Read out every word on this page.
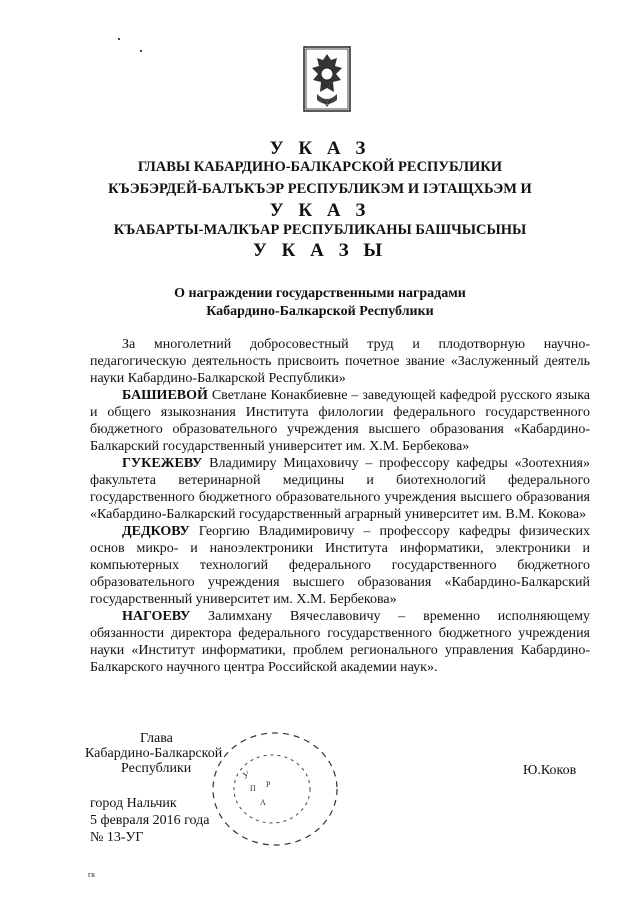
У К А З
ГЛАВЫ КАБАРДИНО-БАЛКАРСКОЙ РЕСПУБЛИКИ
КЪЭБЭРДЕЙ-БАЛЪКЪЭР РЕСПУБЛИКЭМ И ІЭТАЩХЬЭМ И
У К А З
КЪАБАРТЫ-МАЛКЪАР РЕСПУБЛИКАНЫ БАШЧЫСЫНЫ
У К А З Ы
О награждении государственными наградами
Кабардино-Балкарской Республики

За многолетний добросовестный труд и плодотворную научно-педагогическую деятельность присвоить почетное звание «Заслуженный деятель науки Кабардино-Балкарской Республики»

БАШИЕВОЙ Светлане Конакбиевне – заведующей кафедрой русского языка и общего языкознания Института филологии федерального государственного бюджетного образовательного учреждения высшего образования «Кабардино-Балкарский государственный университет им. Х.М. Бербекова»

ГУКЕЖЕВУ Владимиру Мицаховичу – профессору кафедры «Зоотехния» факультета ветеринарной медицины и биотехнологий федерального государственного бюджетного образовательного учреждения высшего образования «Кабардино-Балкарский государственный аграрный университет им. В.М. Кокова»

ДЕДКОВУ Георгию Владимировичу – профессору кафедры физических основ микро- и наноэлектроники Института информатики, электроники и компьютерных технологий федерального государственного бюджетного образовательного учреждения высшего образования «Кабардино-Балкарский государственный университет им. Х.М. Бербекова»

НАГОЕВУ Залимхану Вячеславовичу – временно исполняющему обязанности директора федерального государственного бюджетного учреждения науки «Институт информатики, проблем регионального управления Кабардино-Балкарского научного центра Российской академии наук».

У
П Р
А
Глава
Кабардино-Балкарской
Республики	Ю.Коков
город Нальчик
5 февраля 2016 года
№ 13-УГ
гк
